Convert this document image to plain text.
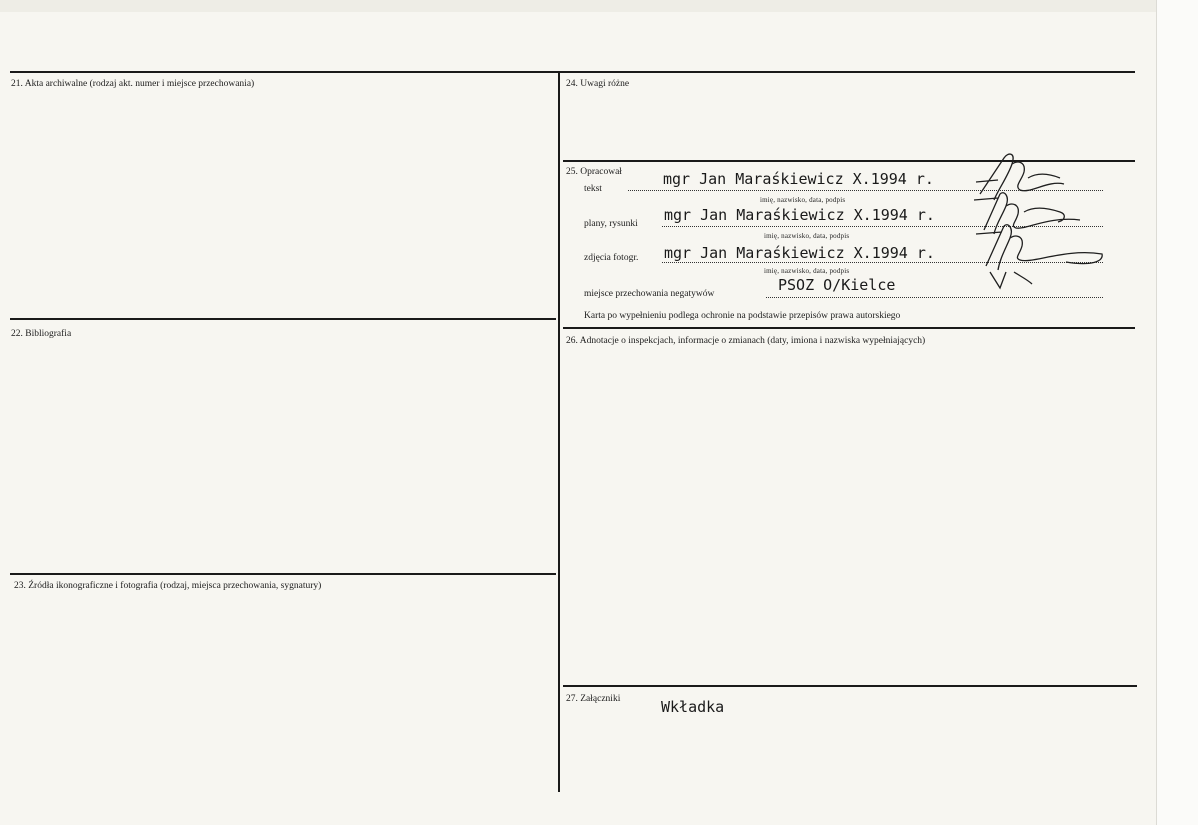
21. Akta archiwalne (rodzaj akt. numer i miejsce przechowania)
22. Bibliografia
23. Źródła ikonograficzne i fotografia (rodzaj, miejsca przechowania, sygnatury)
24. Uwagi różne
25. Opracował
tekst
mgr Jan Maraśkiewicz X.1994 r.
imię, nazwisko, data, podpis
plany, rysunki mgr Jan Maraśkiewicz X.1994 r.
imię, nazwisko, data, podpis
zdjęcia fotogr. mgr Jan Maraśkiewicz X.1994 r.
imię, nazwisko, data, podpis
miejsce przechowania negatywów	PSOZ O/Kielce
Karta po wypełnieniu podlega ochronie na podstawie przepisów prawa autorskiego
26. Adnotacje o inspekcjach, informacje o zmianach (daty, imiona i nazwiska wypełniających)
27. Załączniki	Wkładka
